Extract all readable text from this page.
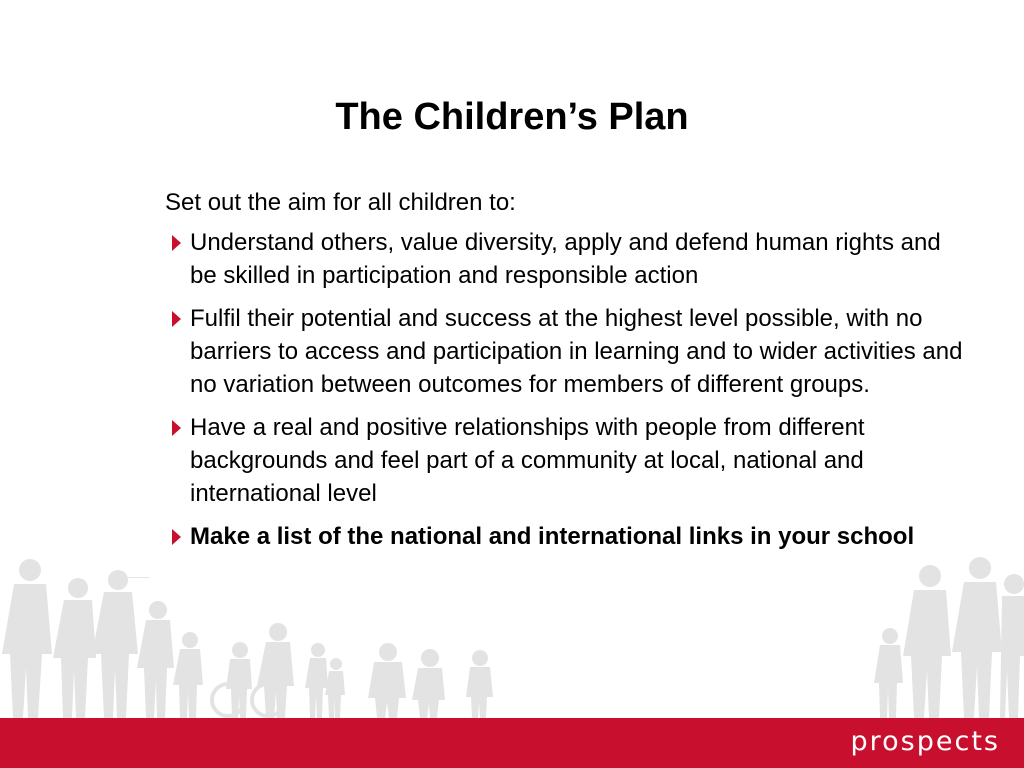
The Children’s Plan
Set out the aim for all children to:
Understand others, value diversity, apply and defend human rights and be skilled in participation and responsible action
Fulfil their potential and success at the highest level possible, with no barriers to access and participation in learning and to wider activities and no variation between outcomes for members of different groups.
Have a real and positive relationships with people from different backgrounds and feel part of a community at local, national and international level
Make a list of the national and international links in your school
prospects
